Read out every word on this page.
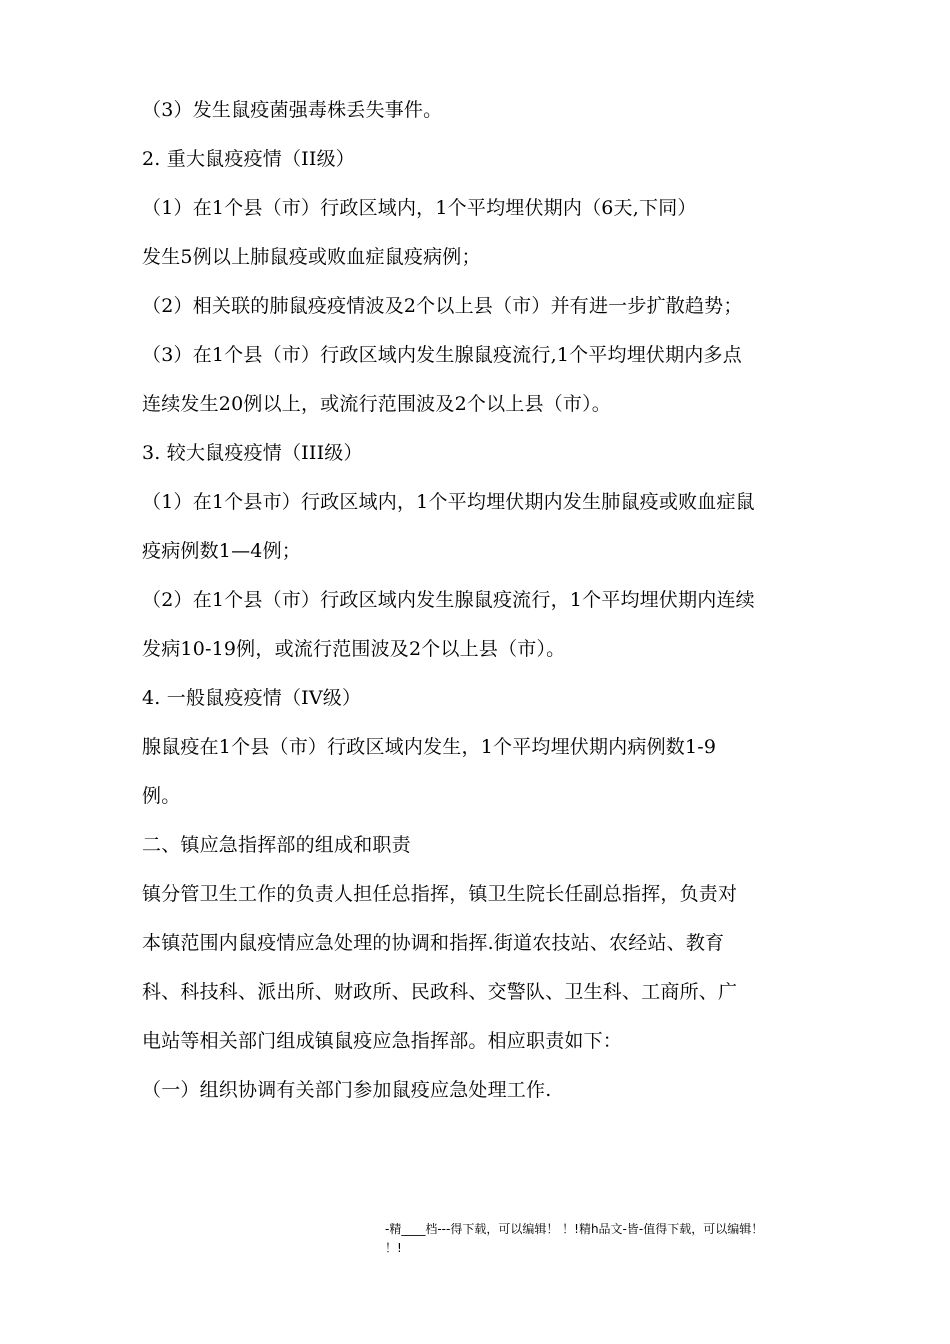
（3）发生鼠疫菌强毒株丢失事件。
2. 重大鼠疫疫情（II级）
（1）在1个县（市）行政区域内，1个平均埋伏期内（6天,下同）
发生5例以上肺鼠疫或败血症鼠疫病例；
（2）相关联的肺鼠疫疫情波及2个以上县（市）并有进一步扩散趋势；
（3）在1个县（市）行政区域内发生腺鼠疫流行,1个平均埋伏期内多点
连续发生20例以上，或流行范围波及2个以上县（市）。
3. 较大鼠疫疫情（III级）
（1）在1个县市）行政区域内，1个平均埋伏期内发生肺鼠疫或败血症鼠
疫病例数1—4例；
（2）在1个县（市）行政区域内发生腺鼠疫流行，1个平均埋伏期内连续
发病10-19例，或流行范围波及2个以上县（市）。
4. 一般鼠疫疫情（IV级）
腺鼠疫在1个县（市）行政区域内发生，1个平均埋伏期内病例数1-9
例。
二、镇应急指挥部的组成和职责
镇分管卫生工作的负责人担任总指挥，镇卫生院长任副总指挥，负责对
本镇范围内鼠疫情应急处理的协调和指挥.街道农技站、农经站、教育
科、科技科、派出所、财政所、民政科、交警队、卫生科、工商所、广
电站等相关部门组成镇鼠疫应急指挥部。相应职责如下：
（一）组织协调有关部门参加鼠疫应急处理工作.
-精____档---得下载，可以编辑！ ！!精h品文-皆-值得下载，可以编辑！
！!
